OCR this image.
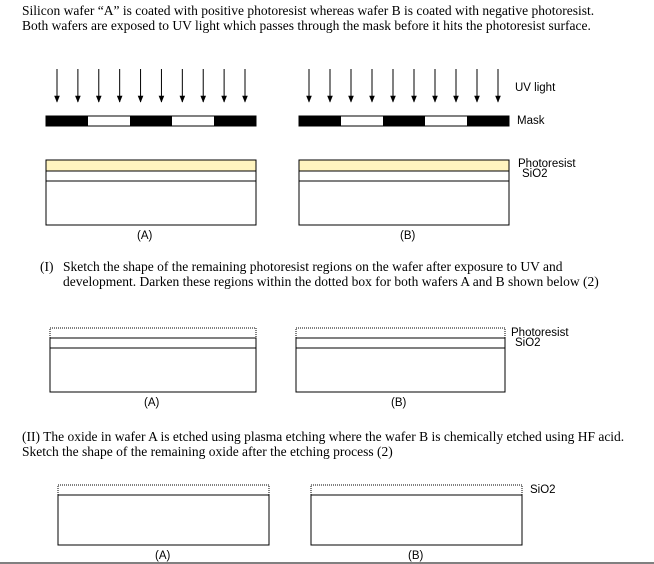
Silicon wafer “A” is coated with positive photoresist whereas wafer B is coated with negative photoresist. Both wafers are exposed to UV light which passes through the mask before it hits the photoresist surface.
UV light
Mask
Photoresist
SiO2
(A)	(B)
(I) Sketch the shape of the remaining photoresist regions on the wafer after exposure to UV and development. Darken these regions within the dotted box for both wafers A and B shown below (2)
Photoresist
SiO2
(A)	(B)
(II) The oxide in wafer A is etched using plasma etching where the wafer B is chemically etched using HF acid. Sketch the shape of the remaining oxide after the etching process (2)
SiO2
(A)	(B)
